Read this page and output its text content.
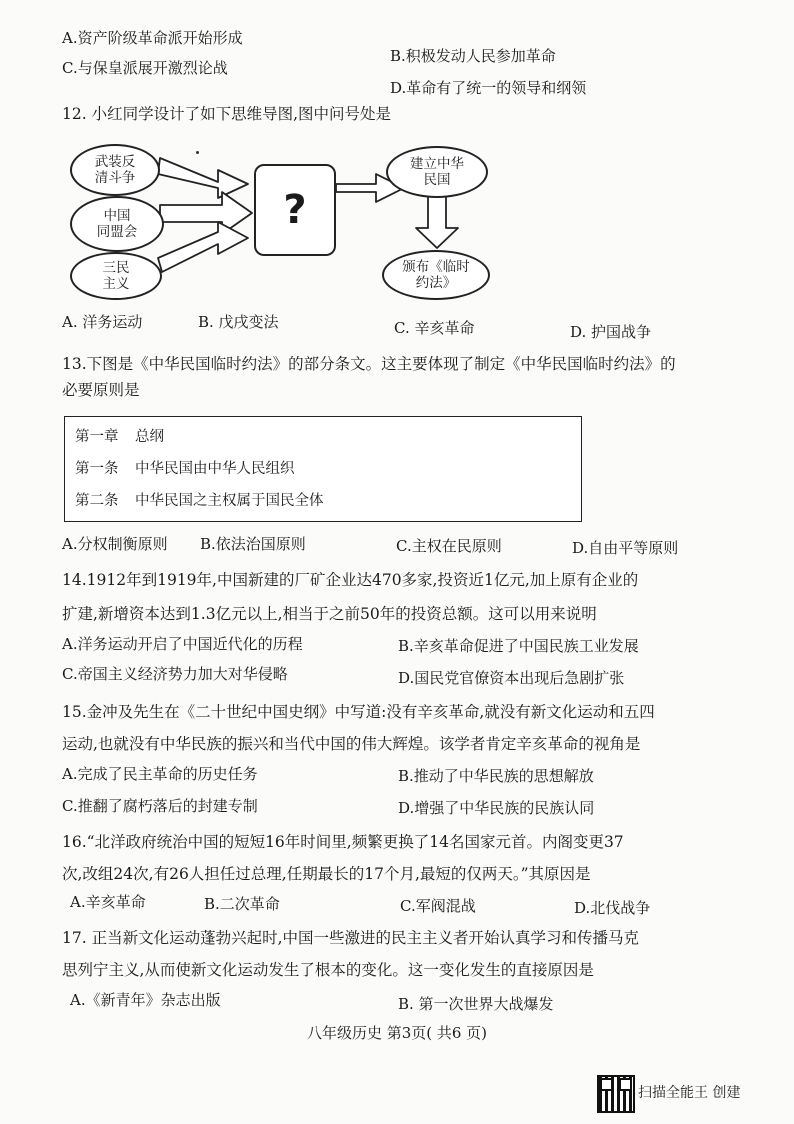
A.资产阶级革命派开始形成
B.积极发动人民参加革命
C.与保皇派展开激烈论战
D.革命有了统一的领导和纲领
12. 小红同学设计了如下思维导图,图中问号处是
武装反
清斗争
中国
同盟会
三民
主义
?
建立中华
民国
颁布《临时
约法》
A. 洋务运动	B. 戊戌变法	C. 辛亥革命	D. 护国战争
13.下图是《中华民国临时约法》的部分条文。这主要体现了制定《中华民国临时约法》的
必要原则是
第一章 总纲
第一条 中华民国由中华人民组织
第二条 中华民国之主权属于国民全体
A.分权制衡原则 B.依法治国原则	C.主权在民原则	D.自由平等原则
14.1912年到1919年,中国新建的厂矿企业达470多家,投资近1亿元,加上原有企业的
扩建,新增资本达到1.3亿元以上,相当于之前50年的投资总额。这可以用来说明
A.洋务运动开启了中国近代化的历程	B.辛亥革命促进了中国民族工业发展
C.帝国主义经济势力加大对华侵略	D.国民党官僚资本出现后急剧扩张
15.金冲及先生在《二十世纪中国史纲》中写道:没有辛亥革命,就没有新文化运动和五四
运动,也就没有中华民族的振兴和当代中国的伟大辉煌。该学者肯定辛亥革命的视角是
A.完成了民主革命的历史任务	B.推动了中华民族的思想解放
C.推翻了腐朽落后的封建专制	D.增强了中华民族的民族认同
16.“北洋政府统治中国的短短16年时间里,频繁更换了14名国家元首。内阁变更37
次,改组24次,有26人担任过总理,任期最长的17个月,最短的仅两天。”其原因是
A.辛亥革命	B.二次革命	C.军阀混战	D.北伐战争
17. 正当新文化运动蓬勃兴起时,中国一些激进的民主主义者开始认真学习和传播马克
思列宁主义,从而使新文化运动发生了根本的变化。这一变化发生的直接原因是
A.《新青年》杂志出版	B. 第一次世界大战爆发
八年级历史 第3页( 共6 页)
扫描全能王 创建
